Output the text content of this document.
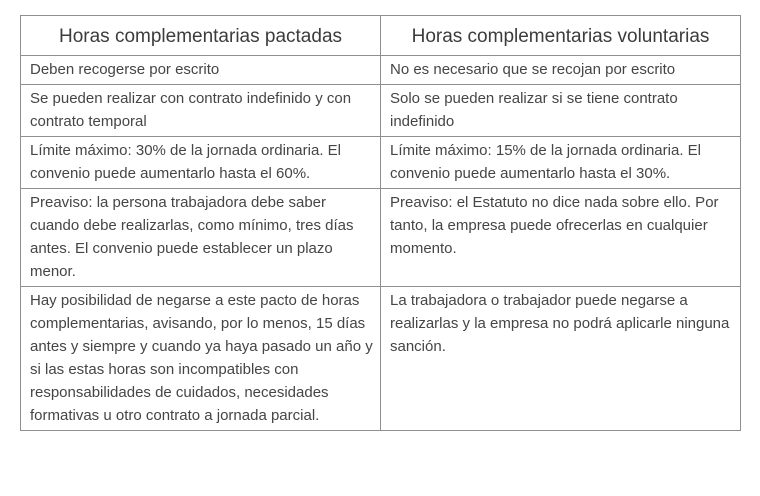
Horas complementarias pactadas	Horas complementarias voluntarias
Deben recogerse por escrito	No es necesario que se recojan por escrito
Se pueden realizar con contrato indefinido y con contrato temporal	Solo se pueden realizar si se tiene contrato indefinido
Límite máximo: 30% de la jornada ordinaria. El convenio puede aumentarlo hasta el 60%.	Límite máximo: 15% de la jornada ordinaria. El convenio puede aumentarlo hasta el 30%.
Preaviso: la persona trabajadora debe saber cuando debe realizarlas, como mínimo, tres días antes. El convenio puede establecer un plazo menor.	Preaviso: el Estatuto no dice nada sobre ello. Por tanto, la empresa puede ofrecerlas en cualquier momento.
Hay posibilidad de negarse a este pacto de horas complementarias, avisando, por lo menos, 15 días antes y siempre y cuando ya haya pasado un año y si las estas horas son incompatibles con responsabilidades de cuidados, necesidades formativas u otro contrato a jornada parcial.	La trabajadora o trabajador puede negarse a realizarlas y la empresa no podrá aplicarle ninguna sanción.
